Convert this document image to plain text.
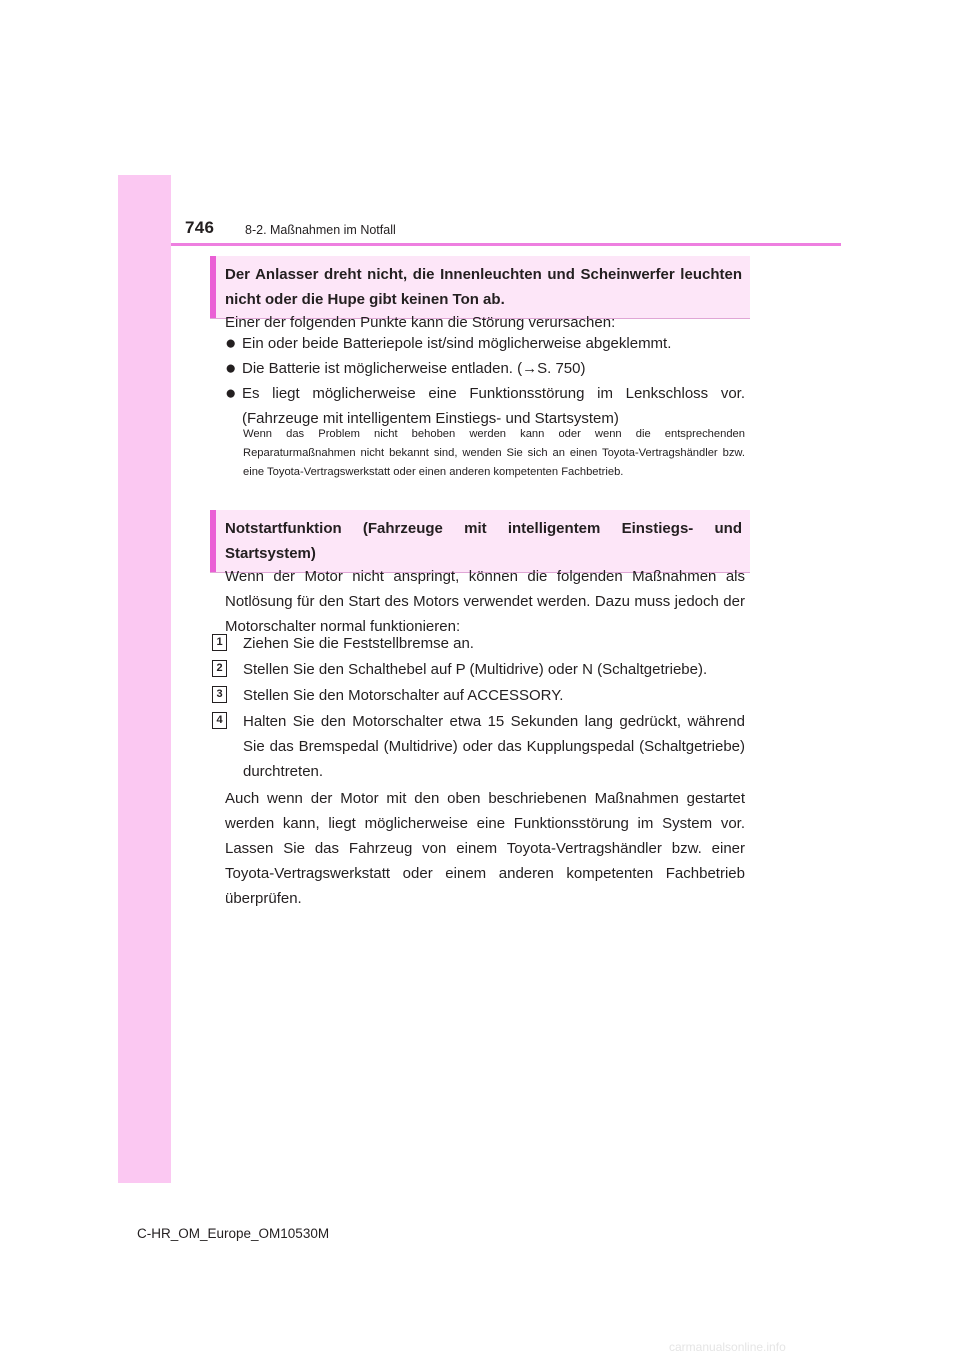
746 8-2. Maßnahmen im Notfall
Der Anlasser dreht nicht, die Innenleuchten und Scheinwerfer leuchten nicht oder die Hupe gibt keinen Ton ab.

Einer der folgenden Punkte kann die Störung verursachen:

● Ein oder beide Batteriepole ist/sind möglicherweise abgeklemmt.
● Die Batterie ist möglicherweise entladen. (→S. 750)
● Es liegt möglicherweise eine Funktionsstörung im Lenkschloss vor. (Fahrzeuge mit intelligentem Einstiegs- und Startsystem)

Wenn das Problem nicht behoben werden kann oder wenn die entsprechenden Reparaturmaßnahmen nicht bekannt sind, wenden Sie sich an einen Toyota-Vertragshändler bzw. eine Toyota-Vertragswerkstatt oder einen anderen kompetenten Fachbetrieb.

Notstartfunktion (Fahrzeuge mit intelligentem Einstiegs- und Startsystem)

Wenn der Motor nicht anspringt, können die folgenden Maßnahmen als Notlösung für den Start des Motors verwendet werden. Dazu muss jedoch der Motorschalter normal funktionieren:

1 Ziehen Sie die Feststellbremse an.
2 Stellen Sie den Schalthebel auf P (Multidrive) oder N (Schaltgetriebe).
3 Stellen Sie den Motorschalter auf ACCESSORY.
4 Halten Sie den Motorschalter etwa 15 Sekunden lang gedrückt, während Sie das Bremspedal (Multidrive) oder das Kupplungspedal (Schaltgetriebe) durchtreten.

Auch wenn der Motor mit den oben beschriebenen Maßnahmen gestartet werden kann, liegt möglicherweise eine Funktionsstörung im System vor. Lassen Sie das Fahrzeug von einem Toyota-Vertragshändler bzw. einer Toyota-Vertragswerkstatt oder einem anderen kompetenten Fachbetrieb überprüfen.

C-HR_OM_Europe_OM10530M
carmanualsonline.info
